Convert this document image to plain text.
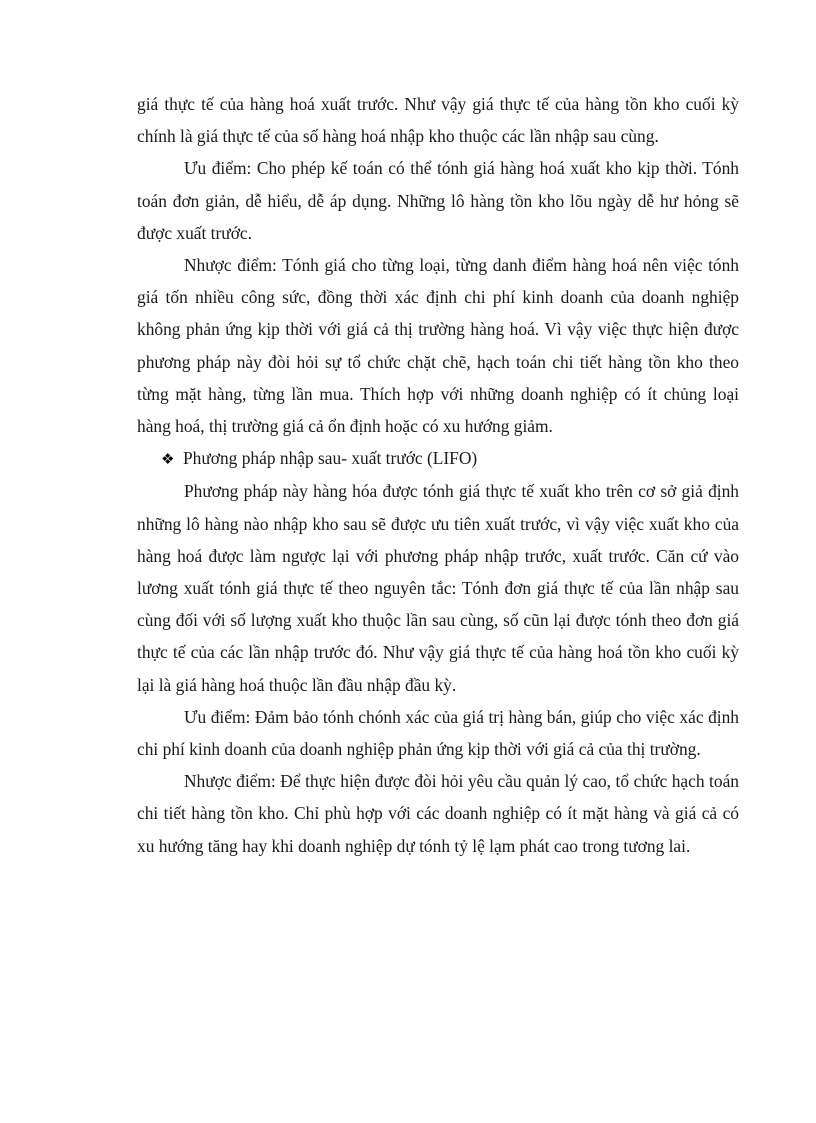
giá thực tế của hàng hoá xuất trước. Như vậy giá thực tế của hàng tồn kho cuối kỳ chính là giá thực tế của số hàng hoá nhập kho thuộc các lần nhập sau cùng.

Ưu điểm: Cho phép kế toán có thể tónh giá hàng hoá xuất kho kịp thời. Tónh toán đơn giản, dễ hiểu, dễ áp dụng. Những lô hàng tồn kho lõu ngày dễ hư hỏng sẽ được xuất trước.

Nhược điểm: Tónh giá cho từng loại, từng danh điểm hàng hoá nên việc tónh giá tốn nhiều công sức, đồng thời xác định chi phí kinh doanh của doanh nghiệp không phản ứng kịp thời với giá cả thị trường hàng hoá. Vì vậy việc thực hiện được phương pháp này đòi hỏi sự tổ chức chặt chẽ, hạch toán chi tiết hàng tồn kho theo từng mặt hàng, từng lần mua. Thích hợp với những doanh nghiệp có ít chủng loại hàng hoá, thị trường giá cả ổn định hoặc có xu hướng giảm.

❖ Phương pháp nhập sau- xuất trước (LIFO)

Phương pháp này hàng hóa được tónh giá thực tế xuất kho trên cơ sở giả định những lô hàng nào nhập kho sau sẽ được ưu tiên xuất trước, vì vậy việc xuất kho của hàng hoá được làm ngược lại với phương pháp nhập trước, xuất trước. Căn cứ vào lương xuất tónh giá thực tế theo nguyên tắc: Tónh đơn giá thực tế của lần nhập sau cùng đối với số lượng xuất kho thuộc lần sau cùng, số cũn lại được tónh theo đơn giá thực tế của các lần nhập trước đó. Như vậy giá thực tế của hàng hoá tồn kho cuối kỳ lại là giá hàng hoá thuộc lần đầu nhập đầu kỳ.

Ưu điểm: Đảm bảo tónh chónh xác của giá trị hàng bán, giúp cho việc xác định chi phí kinh doanh của doanh nghiệp phản ứng kịp thời với giá cả của thị trường.

Nhược điểm: Để thực hiện được đòi hỏi yêu cầu quản lý cao, tổ chức hạch toán chi tiết hàng tồn kho. Chỉ phù hợp với các doanh nghiệp có ít mặt hàng và giá cả có xu hướng tăng hay khi doanh nghiệp dự tónh tỷ lệ lạm phát cao trong tương lai.
